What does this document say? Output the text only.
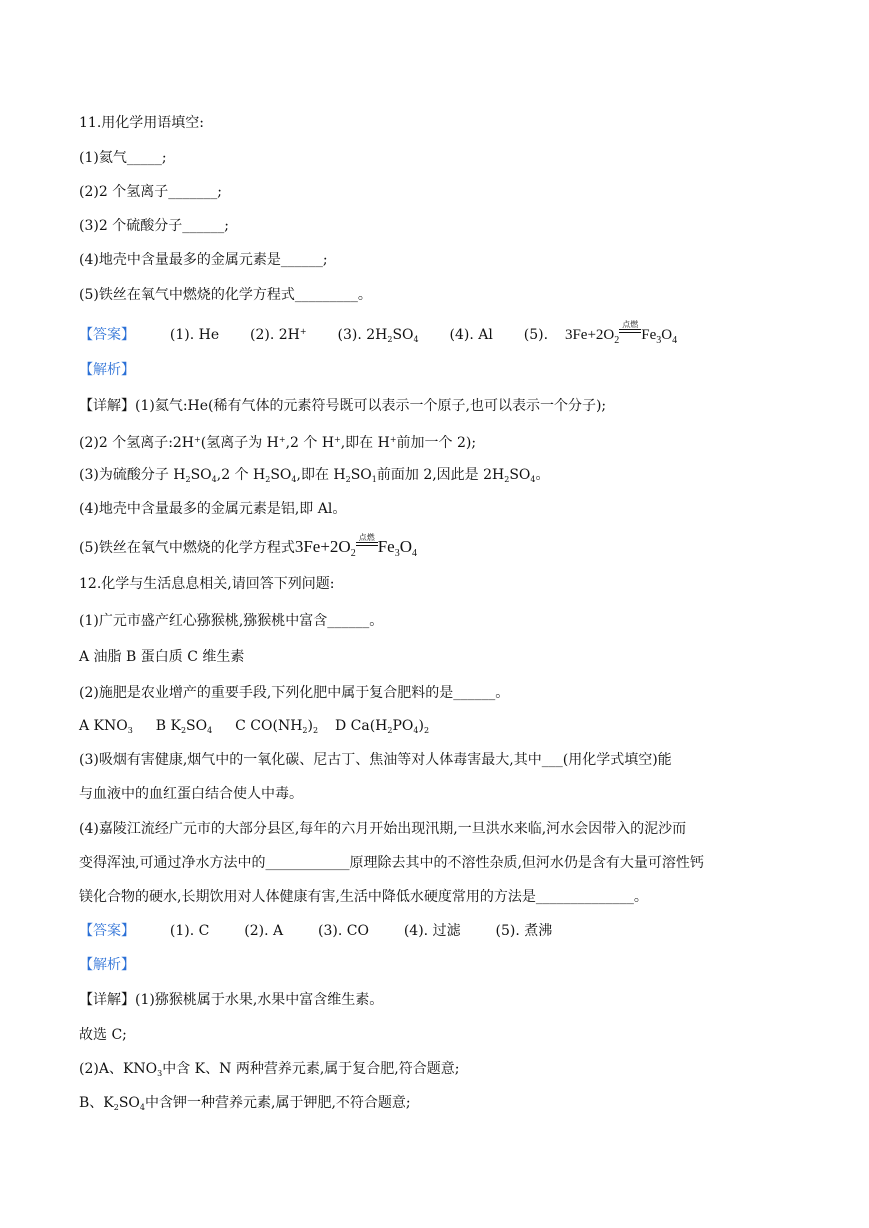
11.用化学用语填空:
(1)氦气_____;
(2)2 个氢离子_______;
(3)2 个硫酸分子______;
(4)地壳中含量最多的金属元素是______;
(5)铁丝在氧气中燃烧的化学方程式_________。
【答案】 (1). He (2). 2H+ (3). $2H_2SO_4$ (4). Al (5). $3Fe+2O_2$
点燃
$Fe_3O_4$
【解析】
【详解】(1)氦气:He(稀有气体的元素符号既可以表示一个原子,也可以表示一个分子);
(2)2 个氢离子:2H+(氢离子为 H+,2 个 H+,即在 H+前加一个 2);
(3)为硫酸分子 $H_2SO_4,2$ 个 $H_2SO_4$,即在 $H_2SO_1$前面加 2,因此是 $2H_2SO_4$。
(4)地壳中含量最多的金属元素是铝,即 Al。
(5)铁丝在氧气中燃烧的化学方程式$3Fe+2O_2$
点燃 $Fe_3O_4$
12.化学与生活息息相关,请回答下列问题:
(1)广元市盛产红心猕猴桃,猕猴桃中富含______。
A 油脂 B 蛋白质 C 维生素
(2)施肥是农业增产的重要手段,下列化肥中属于复合肥料的是______。
A $KNO_3$ B $K_2SO_4$ C $CO(NH_2)_2$ D $Ca(H_2PO_4)_2$
(3)吸烟有害健康,烟气中的一氧化碳、尼古丁、焦油等对人体毒害最大,其中___(用化学式填空)能
与血液中的血红蛋白结合使人中毒。
(4)嘉陵江流经广元市的大部分县区,每年的六月开始出现汛期,一旦洪水来临,河水会因带入的泥沙而
变得浑浊,可通过净水方法中的____________原理除去其中的不溶性杂质,但河水仍是含有大量可溶性钙
镁化合物的硬水,长期饮用对人体健康有害,生活中降低水硬度常用的方法是______________。
【答案】 (1). C (2). A (3). CO (4). 过滤 (5). 煮沸
【解析】
【详解】(1)猕猴桃属于水果,水果中富含维生素。
故选 C;
(2)A、$KNO_3$中含 K、N 两种营养元素,属于复合肥,符合题意;
B、$K_2SO_4$中含钾一种营养元素,属于钾肥,不符合题意;
